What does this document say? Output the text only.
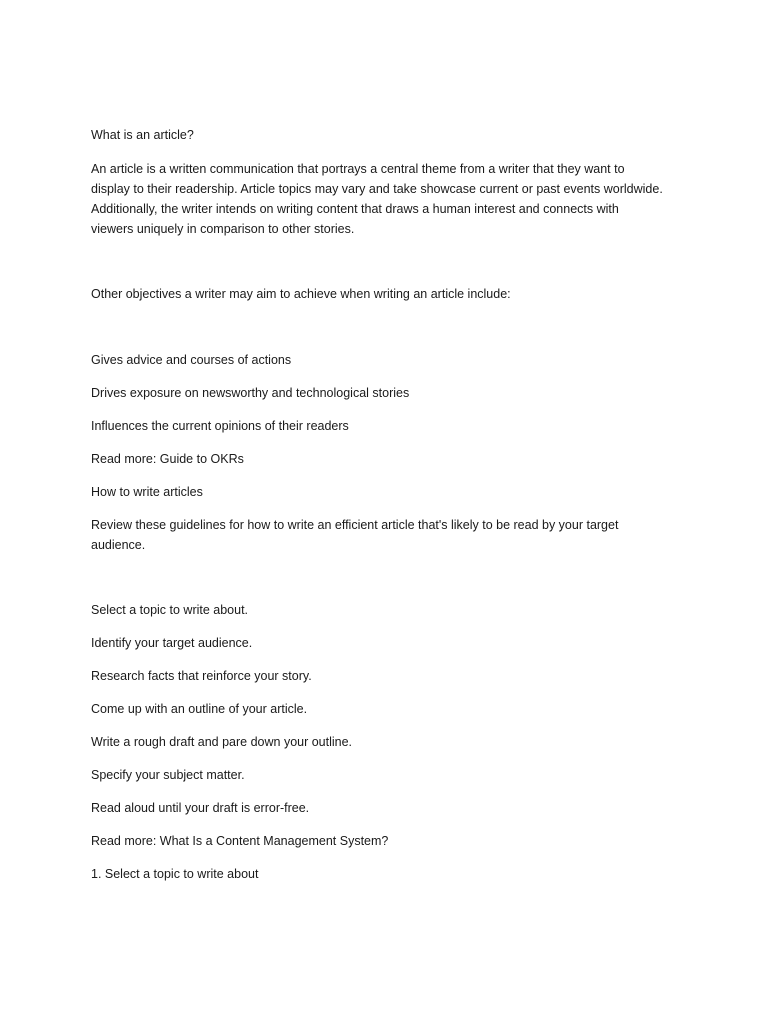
What is an article?

An article is a written communication that portrays a central theme from a writer that they want to

display to their readership. Article topics may vary and take showcase current or past events worldwide.

Additionally, the writer intends on writing content that draws a human interest and connects with

viewers uniquely in comparison to other stories.

Other objectives a writer may aim to achieve when writing an article include:

Gives advice and courses of actions

Drives exposure on newsworthy and technological stories

Influences the current opinions of their readers

Read more: Guide to OKRs

How to write articles

Review these guidelines for how to write an efficient article that's likely to be read by your target

audience.

Select a topic to write about.

Identify your target audience.

Research facts that reinforce your story.

Come up with an outline of your article.

Write a rough draft and pare down your outline.

Specify your subject matter.

Read aloud until your draft is error-free.

Read more: What Is a Content Management System?

1. Select a topic to write about
